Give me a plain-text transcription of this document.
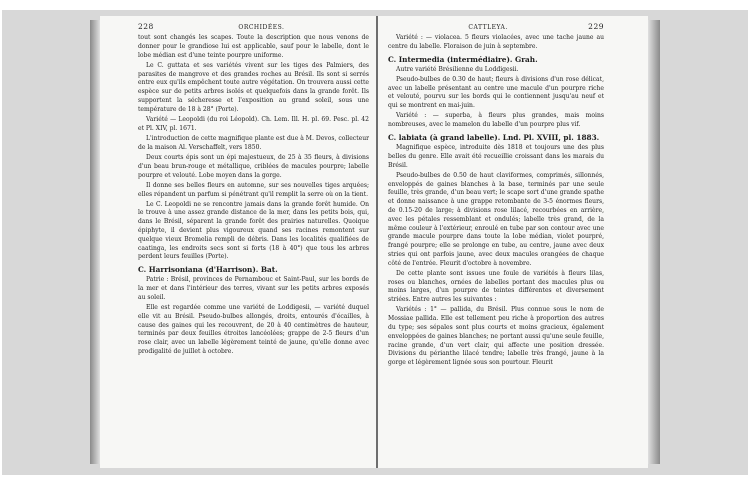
228	ORCHIDÉES.

tout sont changés les scapes. Toute la description que nous venons de donner pour le grandiose lui est applicable, sauf pour le labelle, dont le lobe médian est d'une teinte pourpre uniforme.

Le C. guttata et ses variétés vivent sur les tiges des Palmiers, des parasites de mangrove et des grandes roches au Brésil. Ils sont si serrés entre eux qu'ils empêchent toute autre végétation. On trouvera aussi cette espèce sur de petits arbres isolés et quelquefois dans la grande forêt. Ils supportent la sécheresse et l'exposition au grand soleil, sous une température de 18 à 28° (Porte).

Variété — Leopoldi (du roi Léopold). Ch. Lem. Ill. H. pl. 69. Pesc. pl. 42 et Pl. XIV, pl. 1671.

L'introduction de cette magnifique plante est due à M. Devos, collecteur de la maison Al. Verschaffelt, vers 1850.

Deux courts épis sont un épi majestueux, de 25 à 35 fleurs, à divisions d'un beau brun-rouge et métallique, criblées de macules pourpre; labelle pourpre et velouté. Lobe moyen dans la gorge.

Il donne ses belles fleurs en automne, sur ses nouvelles tiges arquées; elles répandent un parfum si pénétrant qu'il remplit la serre où on la tient.

Le C. Leopoldi ne se rencontre jamais dans la grande forêt humide. On le trouve à une assez grande distance de la mer, dans les petits bois, qui, dans le Brésil, séparent la grande forêt des prairies naturelles. Quoique épiphyte, il devient plus vigoureux quand ses racines remontent sur quelque vieux Bromelia rempli de débris. Dans les localités qualifiées de caatinga, les endroits secs sont si forts (18 à 40°) que tous les arbres perdent leurs feuilles (Porte).

C. Harrisoniana (d'Harrison). Bat.

Patrie : Brésil, provinces de Pernambouc et Saint-Paul, sur les bords de la mer et dans l'intérieur des terres, vivant sur les petits arbres exposés au soleil.

Elle est regardée comme une variété de Loddigesii, — variété duquel elle vit au Brésil. Pseudo-bulbes allongés, droits, entourés d'écailles, à cause des gaines qui les recouvrent, de 20 à 40 centimètres de hauteur, terminés par deux feuilles étroites lancéolées; grappe de 2-5 fleurs d'un rose clair, avec un labelle légèrement teinté de jaune, qu'elle donne avec prodigalité de juillet à octobre.

CATTLEYA.	229

Variété : — violacea. 5 fleurs violacées, avec une tache jaune au centre du labelle. Floraison de juin à septembre.

C. Intermedia (intermédiaire). Grah.

Autre variété Brésilienne du Loddigesii.

Pseudo-bulbes de 0.30 de haut; fleurs à divisions d'un rose délicat, avec un labelle présentant au centre une macule d'un pourpre riche et velouté, pourvu sur les bords qui le contiennent jusqu'au neuf et qui se montrent en mai-juin.

Variété : — superba, à fleurs plus grandes, mais moins nombreuses, avec le mamelon du labelle d'un pourpre plus vif.

C. labiata (à grand labelle). Lnd. Pl. XVIII, pl. 1883.

Magnifique espèce, introduite dès 1818 et toujours une des plus belles du genre. Elle avait été recueillie croissant dans les marais du Brésil.

Pseudo-bulbes de 0.50 de haut claviformes, comprimés, sillonnés, enveloppés de gaines blanches à la base, terminés par une seule feuille, très grande, d'un beau vert; le scape sort d'une grande spathe et donne naissance à une grappe retombante de 3-5 énormes fleurs, de 0.15-20 de large; à divisions rose lilacé, recourbées en arrière, avec les pétales ressemblant et ondulés; labelle très grand, de la même couleur à l'extérieur, enroulé en tube par son contour avec une grande macule pourpre dans toute la lobe médian, violet pourpré, frangé pourpre; elle se prolonge en tube, au centre, jaune avec deux stries qui ont parfois jaune, avec deux macules orangées de chaque côté de l'entrée. Fleurit d'octobre à novembre.

De cette plante sont issues une foule de variétés à fleurs lilas, roses ou blanches, ornées de labelles portant des macules plus ou moins larges, d'un pourpre de teintes différentes et diversement striées. Entre autres les suivantes :

Variétés : 1° — pallida, du Brésil. Plus connue sous le nom de Mossiae pallida. Elle est tellement peu riche à proportion des autres du type; ses sépales sont plus courts et moins gracieux, également enveloppées de gaines blanches; ne portant aussi qu'une seule feuille, racine grande, d'un vert clair, qui affecte une position dressée. Divisions du périanthe lilacé tendre; labelle très frangé, jaune à la gorge et légèrement lignée sous son pourtour. Fleurit
